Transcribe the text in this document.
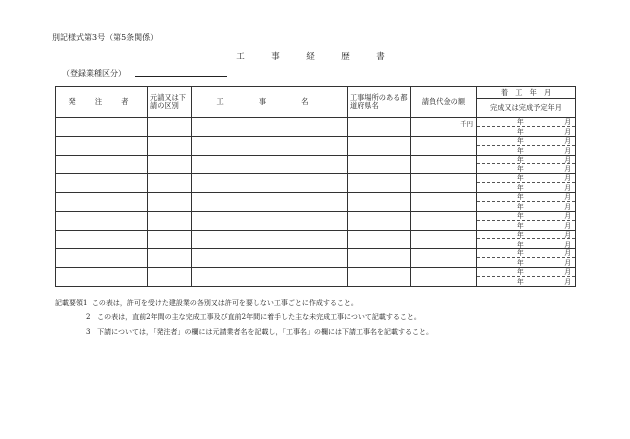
別記様式第3号（第5条関係）
工　事　経　歴　書
（登録業種区分）
発　注　者	元請又は下請の区別	工　事　名	工事場所のある都道府県名	請負代金の額	着　工　年　月
					完成又は完成予定年月
				千円	年 月
年 月

					年 月
年 月

					年 月
年 月

					年 月
年 月

					年 月
年 月

					年 月
年 月

					年 月
年 月

					年 月
年 月

					年 月
年 月
記載要領1 この表は，許可を受けた建設業の各別又は許可を要しない工事ごとに作成すること。
2 この表は，直前2年間の主な完成工事及び直前2年間に着手した主な未完成工事について記載すること。
3 下請については，「発注者」の欄には元請業者名を記載し，「工事名」の欄には下請工事名を記載すること。
